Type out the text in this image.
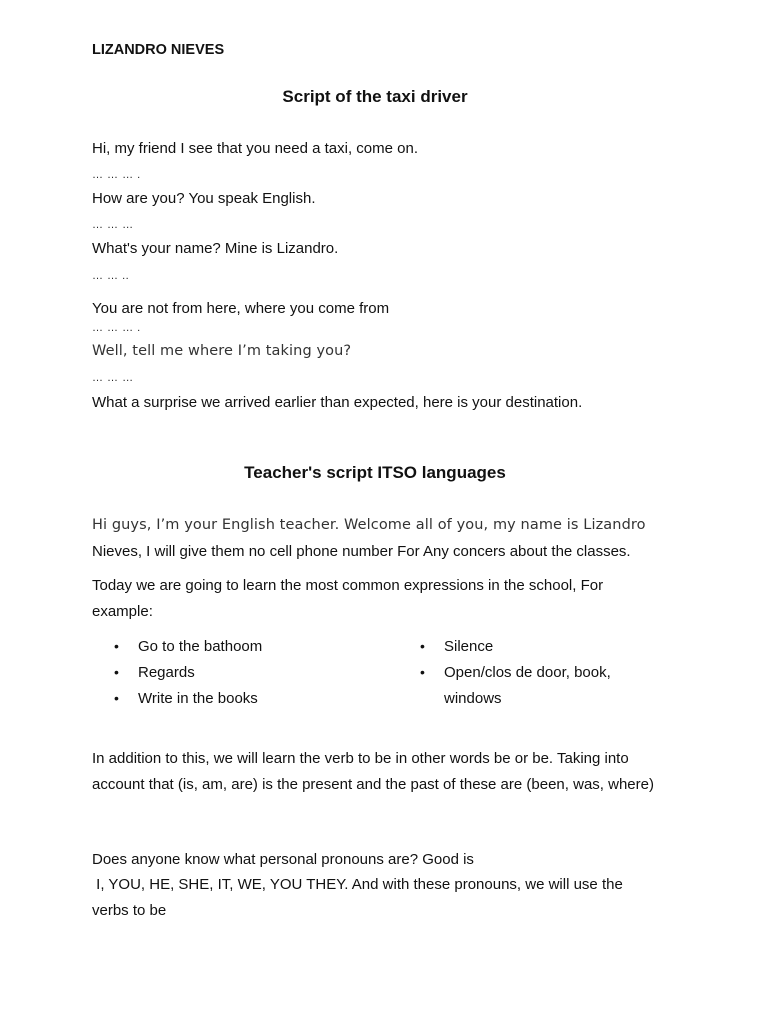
LIZANDRO NIEVES
Script of the taxi driver
Hi, my friend I see that you need a taxi, come on.
… … … .
How are you? You speak English.
… … …
What's your name? Mine is Lizandro.
… … ..
You are not from here, where you come from
… … … .
Well, tell me where I’m taking you?
… … …
What a surprise we arrived earlier than expected, here is your destination.
Teacher's script ITSO languages
Hi guys, I’m your English teacher. Welcome all of you, my name is Lizandro
Nieves, I will give them no cell phone number For Any concers about the classes.
Today we are going to learn the most common expressions in the school, For example:
• Go to the bathoom
• Regards
• Write in the books
• Silence
• Open/clos de door, book, windows
In addition to this, we will learn the verb to be in other words be or be. Taking into account that (is, am, are) is the present and the past of these are (been, was, where)
Does anyone know what personal pronouns are? Good is
I, YOU, HE, SHE, IT, WE, YOU THEY. And with these pronouns, we will use the verbs to be
